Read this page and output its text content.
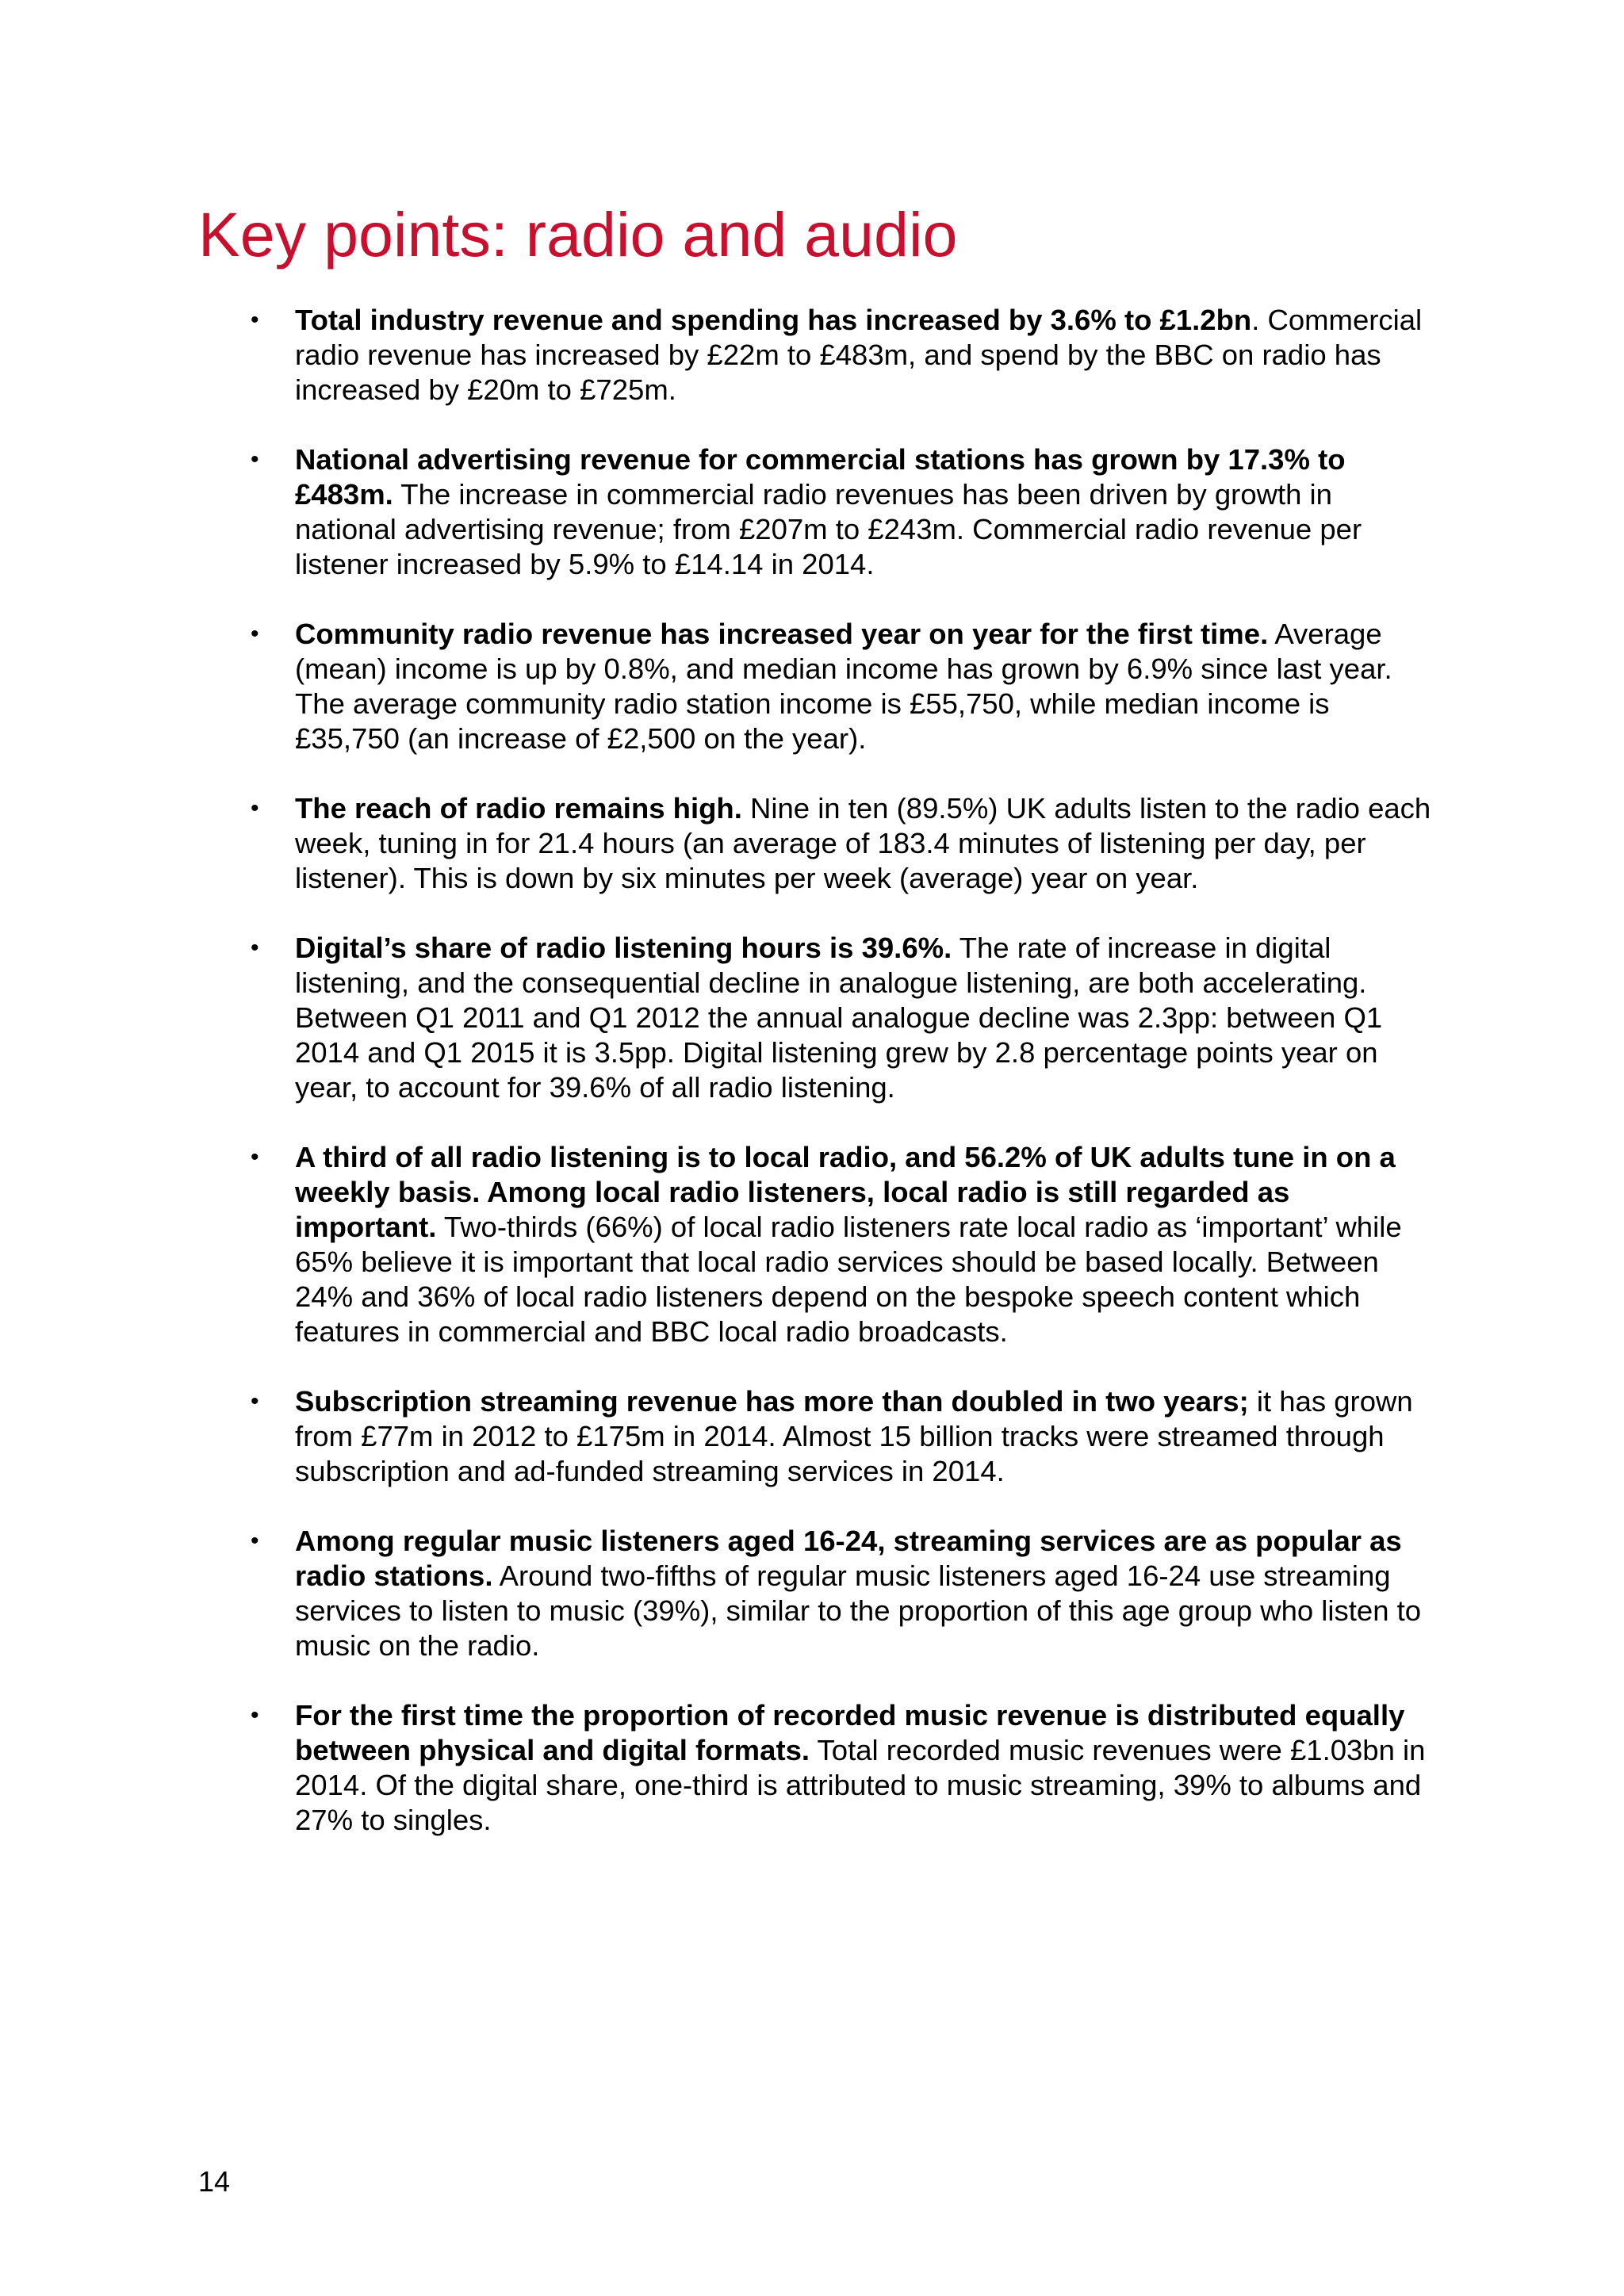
Key points: radio and audio
• Total industry revenue and spending has increased by 3.6% to £1.2bn. Commercial radio revenue has increased by £22m to £483m, and spend by the BBC on radio has increased by £20m to £725m.
• National advertising revenue for commercial stations has grown by 17.3% to £483m. The increase in commercial radio revenues has been driven by growth in national advertising revenue; from £207m to £243m. Commercial radio revenue per listener increased by 5.9% to £14.14 in 2014.
• Community radio revenue has increased year on year for the first time. Average (mean) income is up by 0.8%, and median income has grown by 6.9% since last year. The average community radio station income is £55,750, while median income is £35,750 (an increase of £2,500 on the year).
• The reach of radio remains high. Nine in ten (89.5%) UK adults listen to the radio each week, tuning in for 21.4 hours (an average of 183.4 minutes of listening per day, per listener). This is down by six minutes per week (average) year on year.
• Digital’s share of radio listening hours is 39.6%. The rate of increase in digital listening, and the consequential decline in analogue listening, are both accelerating. Between Q1 2011 and Q1 2012 the annual analogue decline was 2.3pp: between Q1 2014 and Q1 2015 it is 3.5pp. Digital listening grew by 2.8 percentage points year on year, to account for 39.6% of all radio listening.
• A third of all radio listening is to local radio, and 56.2% of UK adults tune in on a weekly basis. Among local radio listeners, local radio is still regarded as important. Two-thirds (66%) of local radio listeners rate local radio as ‘important’ while 65% believe it is important that local radio services should be based locally. Between 24% and 36% of local radio listeners depend on the bespoke speech content which features in commercial and BBC local radio broadcasts.
• Subscription streaming revenue has more than doubled in two years; it has grown from £77m in 2012 to £175m in 2014. Almost 15 billion tracks were streamed through subscription and ad-funded streaming services in 2014.
• Among regular music listeners aged 16-24, streaming services are as popular as radio stations. Around two-fifths of regular music listeners aged 16-24 use streaming services to listen to music (39%), similar to the proportion of this age group who listen to music on the radio.
• For the first time the proportion of recorded music revenue is distributed equally between physical and digital formats. Total recorded music revenues were £1.03bn in 2014. Of the digital share, one-third is attributed to music streaming, 39% to albums and 27% to singles.
14
